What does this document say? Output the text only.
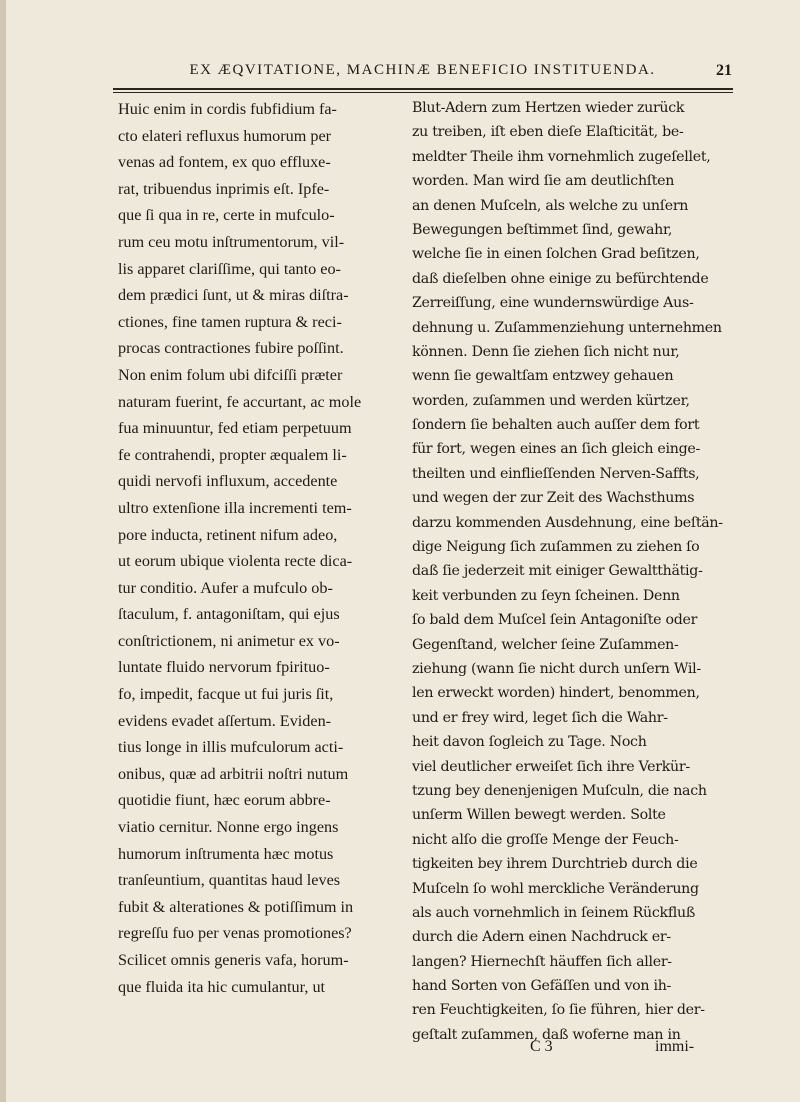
EX ÆQVITATIONE, MACHINÆ BENEFICIO INSTITUENDA.	21
Huic enim in cordis fubfidium fa-
cto elateri refluxus humorum per
venas ad fontem, ex quo effluxe-
rat, tribuendus inprimis eſt. Ipfe-
que ſi qua in re, certe in mufculo-
rum ceu motu inſtrumentorum, vil-
lis apparet clariſſime, qui tanto eo-
dem prædici ſunt, ut & miras diſtra-
ctiones, fine tamen ruptura & reci-
procas contractiones fubire poſſint.
Non enim folum ubi difciſſi præter
naturam fuerint, fe accurtant, ac mole
fua minuuntur, fed etiam perpetuum
fe contrahendi, propter æqualem li-
quidi nervofi influxum, accedente
ultro extenſione illa incrementi tem-
pore inducta, retinent nifum adeo,
ut eorum ubique violenta recte dica-
tur conditio. Aufer a mufculo ob-
ſtaculum, f. antagoniſtam, qui ejus
conſtrictionem, ni animetur ex vo-
luntate fluido nervorum fpirituo-
fo, impedit, facque ut fui juris ſit,
evidens evadet aſſertum. Eviden-
tius longe in illis mufculorum acti-
onibus, quæ ad arbitrii noſtri nutum
quotidie fiunt, hæc eorum abbre-
viatio cernitur. Nonne ergo ingens
humorum inſtrumenta hæc motus
tranſeuntium, quantitas haud leves
fubit & alterationes & potiſſimum in
regreſſu fuo per venas promotiones?
Scilicet omnis generis vafa, horum-
que fluida ita hic cumulantur, ut
Blut-Adern zum Hertzen wieder zurück
zu treiben, iſt eben dieſe Elaſticität, be-
meldter Theile ihm vornehmlich zugeſellet,
worden. Man wird ſie am deutlichſten
an denen Muſceln, als welche zu unſern
Bewegungen beſtimmet ſind, gewahr,
welche ſie in einen ſolchen Grad beſitzen,
daß dieſelben ohne einige zu befürchtende
Zerreiſſung, eine wundernswürdige Aus-
dehnung u. Zuſammenziehung unternehmen
können. Denn ſie ziehen ſich nicht nur,
wenn ſie gewaltſam entzwey gehauen
worden, zuſammen und werden kürtzer,
ſondern ſie behalten auch auſſer dem fort
für fort, wegen eines an ſich gleich einge-
theilten und einflieſſenden Nerven-Saffts,
und wegen der zur Zeit des Wachsthums
darzu kommenden Ausdehnung, eine beſtän-
dige Neigung ſich zuſammen zu ziehen ſo
daß ſie jederzeit mit einiger Gewaltthätig-
keit verbunden zu ſeyn ſcheinen. Denn
ſo bald dem Muſcel ſein Antagoniſte oder
Gegenſtand, welcher ſeine Zuſammen-
ziehung (wann ſie nicht durch unſern Wil-
len erweckt worden) hindert, benommen,
und er frey wird, leget ſich die Wahr-
heit davon ſogleich zu Tage. Noch
viel deutlicher erweiſet ſich ihre Verkür-
tzung bey denenjenigen Muſculn, die nach
unſerm Willen bewegt werden. Solte
nicht alſo die groſſe Menge der Feuch-
tigkeiten bey ihrem Durchtrieb durch die
Muſceln ſo wohl merckliche Veränderung
als auch vornehmlich in ſeinem Rückfluß
durch die Adern einen Nachdruck er-
langen? Hiernechſt häuffen ſich aller-
hand Sorten von Gefäſſen und von ih-
ren Feuchtigkeiten, ſo ſie führen, hier der-
geſtalt zuſammen, daß woferne man in
C 3	immi-
